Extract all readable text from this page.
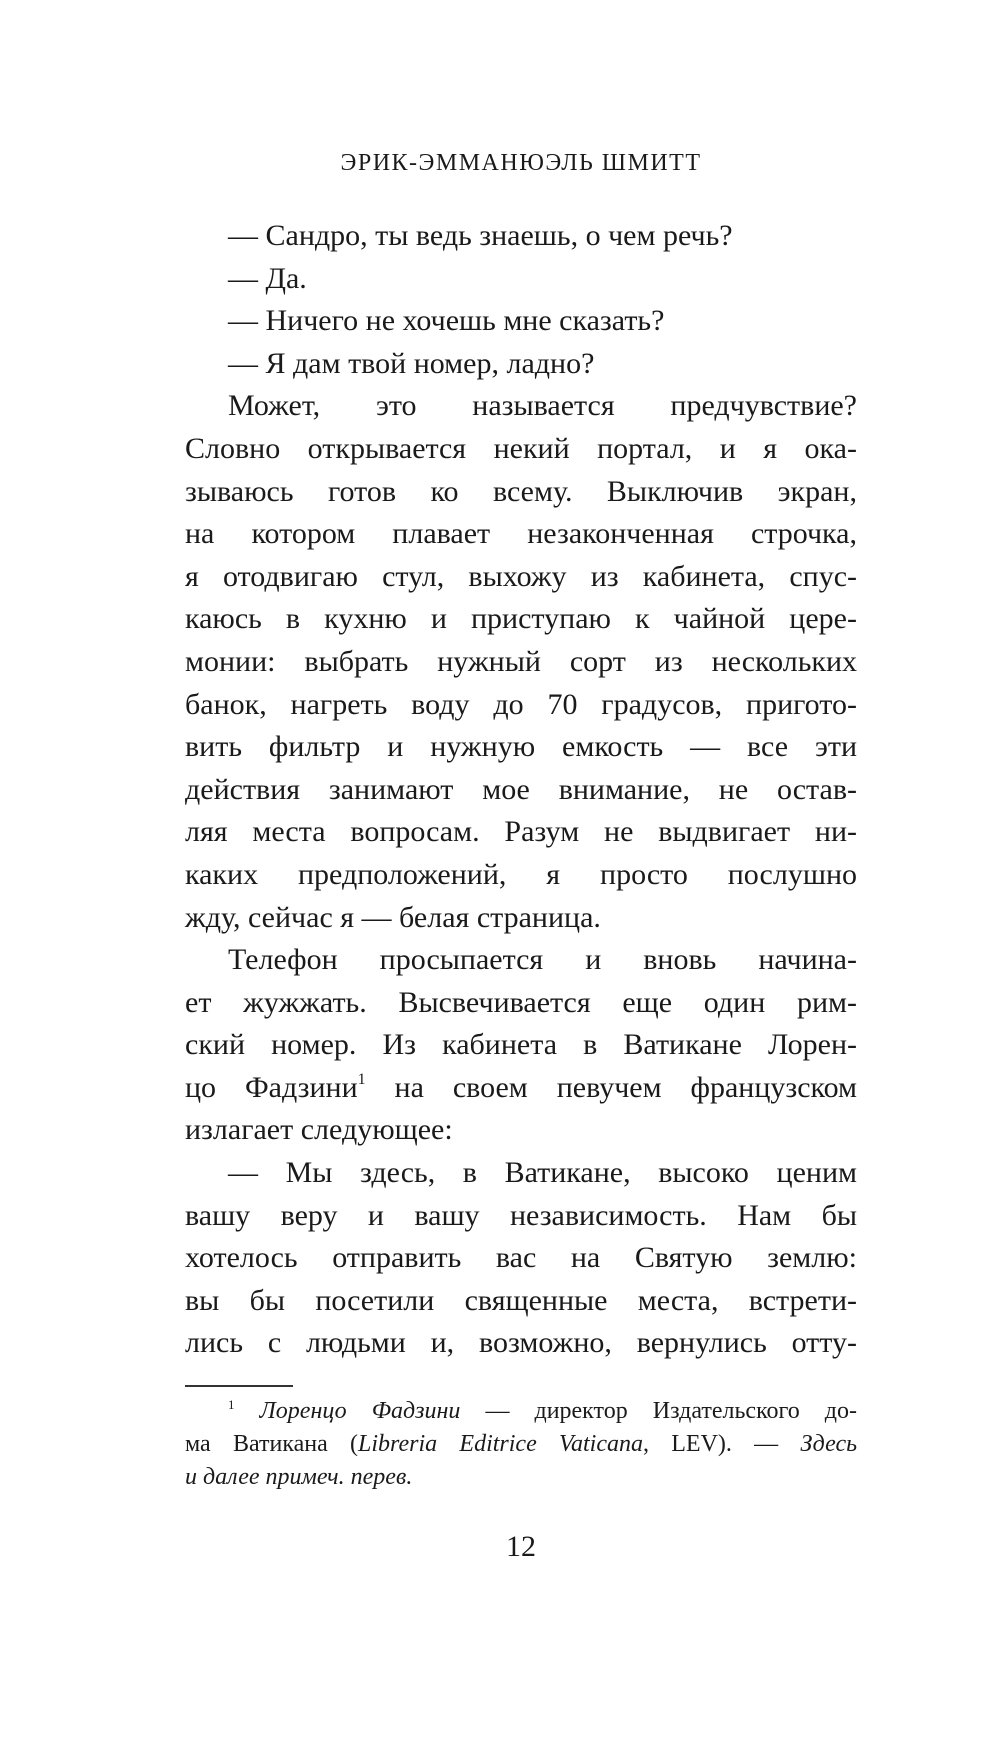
ЭРИК-ЭММАНЮЭЛЬ ШМИТТ
— Сандро, ты ведь знаешь, о чем речь?
— Да.
— Ничего не хочешь мне сказать?
— Я дам твой номер, ладно?
Может, это называется предчувствие?
Словно открывается некий портал, и я ока-
зываюсь готов ко всему. Выключив экран,
на котором плавает незаконченная строчка,
я отодвигаю стул, выхожу из кабинета, спус-
каюсь в кухню и приступаю к чайной цере-
монии: выбрать нужный сорт из нескольких
банок, нагреть воду до 70 градусов, пригото-
вить фильтр и нужную емкость — все эти
действия занимают мое внимание, не остав-
ляя места вопросам. Разум не выдвигает ни-
каких предположений, я просто послушно
жду, сейчас я — белая страница.
Телефон просыпается и вновь начина-
ет жужжать. Высвечивается еще один рим-
ский номер. Из кабинета в Ватикане Лорен-
цо Фадзини$^1$ на своем певучем французском
излагает следующее:
— Мы здесь, в Ватикане, высоко ценим
вашу веру и вашу независимость. Нам бы
хотелось отправить вас на Святую землю:
вы бы посетили священные места, встрети-
лись с людьми и, возможно, вернулись отту-
$^1$ Лоренцо Фадзини — директор Издательского до-
ма Ватикана (Libreria Editrice Vaticana, LEV). — Здесь
и далее примеч. перев.
12
